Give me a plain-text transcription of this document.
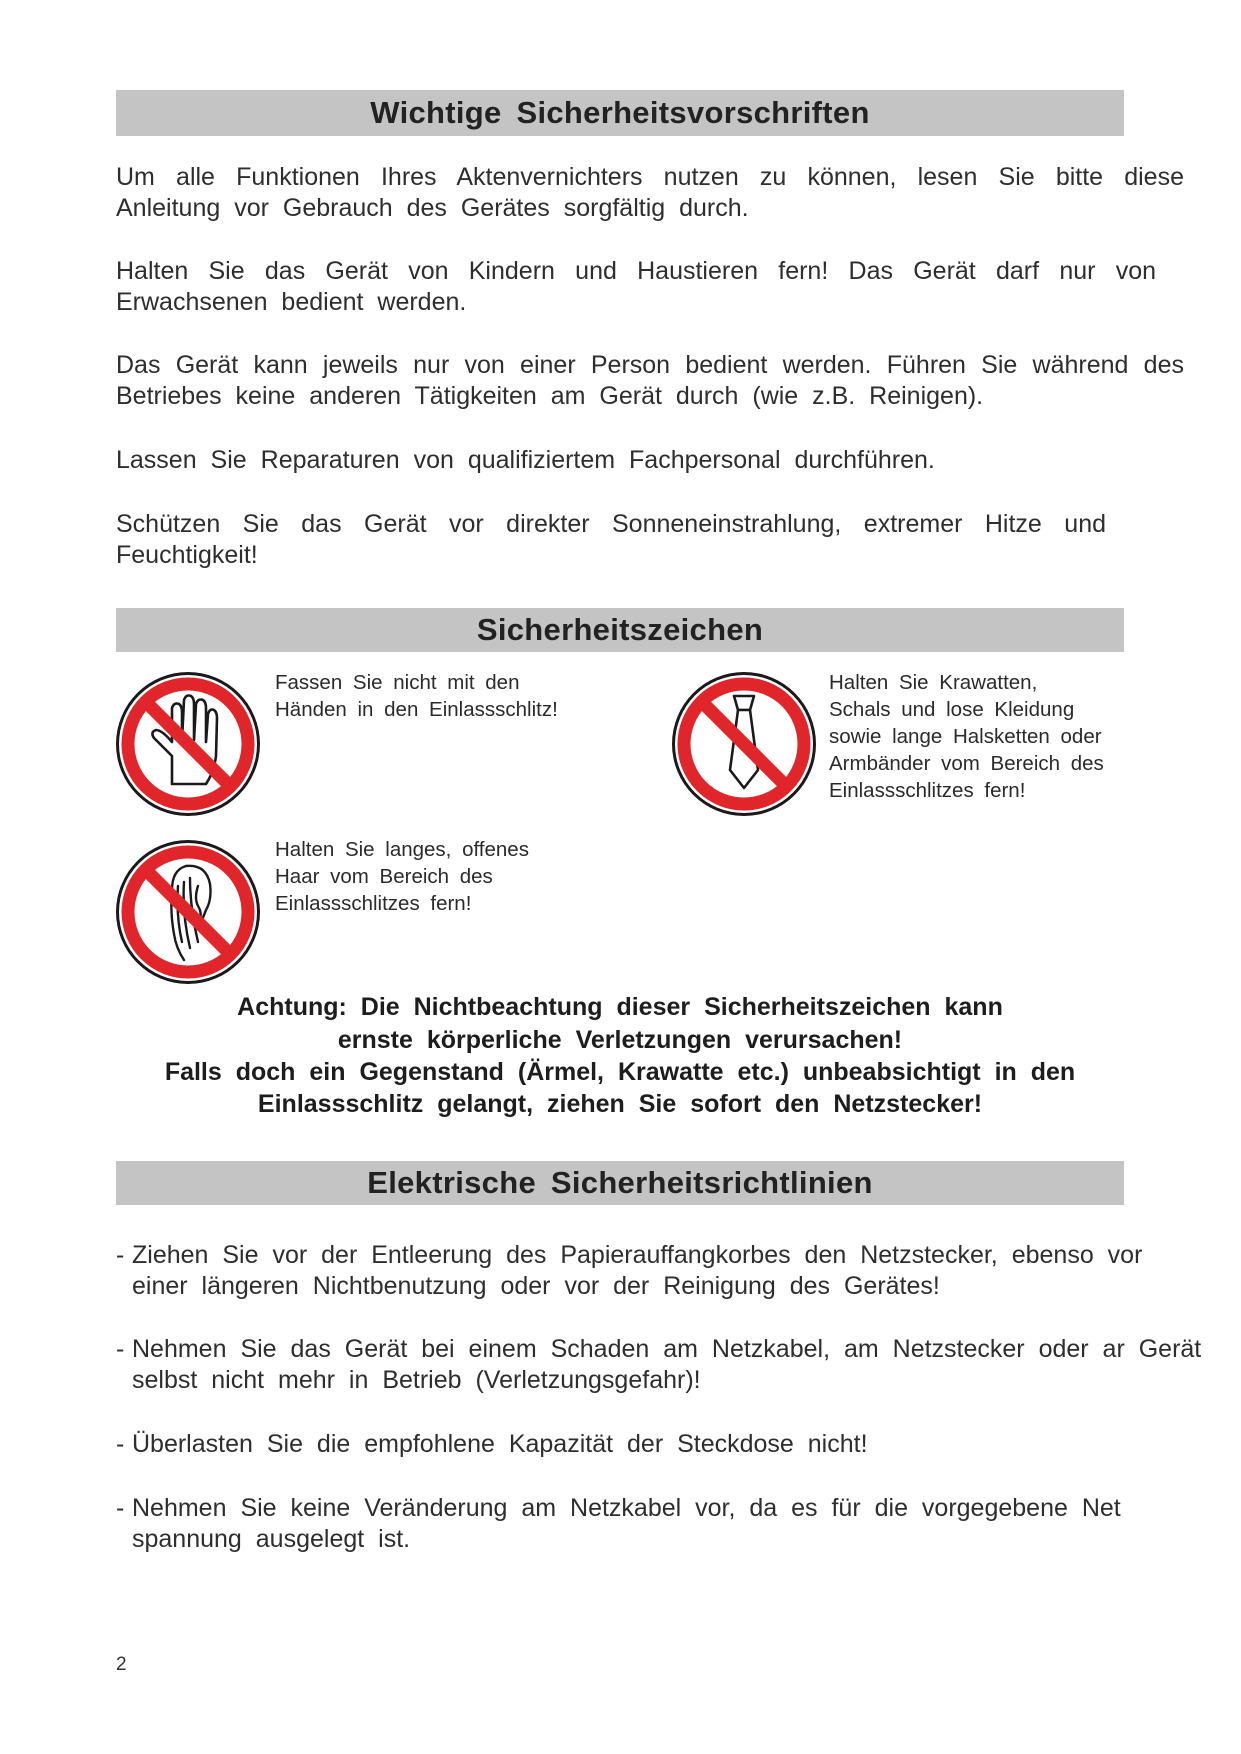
Wichtige Sicherheitsvorschriften
Um alle Funktionen Ihres Aktenvernichters nutzen zu können, lesen Sie bitte diese Anleitung vor Gebrauch des Gerätes sorgfältig durch.
Halten Sie das Gerät von Kindern und Haustieren fern! Das Gerät darf nur von Erwachsenen bedient werden.
Das Gerät kann jeweils nur von einer Person bedient werden. Führen Sie während des Betriebes keine anderen Tätigkeiten am Gerät durch (wie z.B. Reinigen).
Lassen Sie Reparaturen von qualifiziertem Fachpersonal durchführen.
Schützen Sie das Gerät vor direkter Sonneneinstrahlung, extremer Hitze und Feuchtigkeit!
Sicherheitszeichen
Fassen Sie nicht mit den
Händen in den Einlassschlitz!
Halten Sie Krawatten,
Schals und lose Kleidung
sowie lange Halsketten oder
Armbänder vom Bereich des
Einlassschlitzes fern!
Halten Sie langes, offenes
Haar vom Bereich des
Einlassschlitzes fern!
Achtung: Die Nichtbeachtung dieser Sicherheitszeichen kann
ernste körperliche Verletzungen verursachen!
Falls doch ein Gegenstand (Ärmel, Krawatte etc.) unbeabsichtigt in den
Einlassschlitz gelangt, ziehen Sie sofort den Netzstecker!
Elektrische Sicherheitsrichtlinien
- Ziehen Sie vor der Entleerung des Papierauffangkorbes den Netzstecker, ebenso vor einer längeren Nichtbenutzung oder vor der Reinigung des Gerätes!
- Nehmen Sie das Gerät bei einem Schaden am Netzkabel, am Netzstecker oder ar Gerät selbst nicht mehr in Betrieb (Verletzungsgefahr)!
- Überlasten Sie die empfohlene Kapazität der Steckdose nicht!
- Nehmen Sie keine Veränderung am Netzkabel vor, da es für die vorgegebene Net spannung ausgelegt ist.
2
